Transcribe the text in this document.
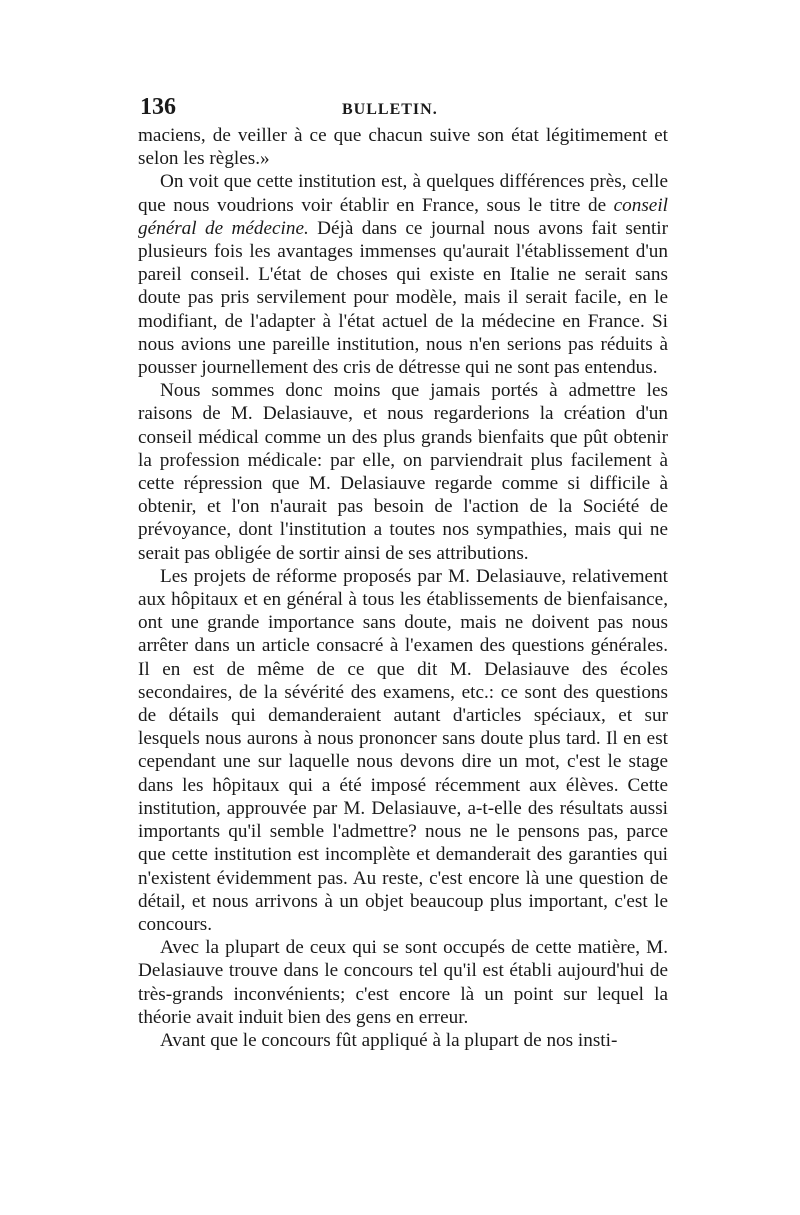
136	BULLETIN.

maciens, de veiller à ce que chacun suive son état légitimement et selon les règles.»

On voit que cette institution est, à quelques différences près, celle que nous voudrions voir établir en France, sous le titre de conseil général de médecine. Déjà dans ce journal nous avons fait sentir plusieurs fois les avantages immenses qu'aurait l'établissement d'un pareil conseil. L'état de choses qui existe en Italie ne serait sans doute pas pris servilement pour modèle, mais il serait facile, en le modifiant, de l'adapter à l'état actuel de la médecine en France. Si nous avions une pareille institution, nous n'en serions pas réduits à pousser journellement des cris de détresse qui ne sont pas entendus.

Nous sommes donc moins que jamais portés à admettre les raisons de M. Delasiauve, et nous regarderions la création d'un conseil médical comme un des plus grands bienfaits que pût obtenir la profession médicale: par elle, on parviendrait plus facilement à cette répression que M. Delasiauve regarde comme si difficile à obtenir, et l'on n'aurait pas besoin de l'action de la Société de prévoyance, dont l'institution a toutes nos sympathies, mais qui ne serait pas obligée de sortir ainsi de ses attributions.

Les projets de réforme proposés par M. Delasiauve, relativement aux hôpitaux et en général à tous les établissements de bienfaisance, ont une grande importance sans doute, mais ne doivent pas nous arrêter dans un article consacré à l'examen des questions générales. Il en est de même de ce que dit M. Delasiauve des écoles secondaires, de la sévérité des examens, etc.: ce sont des questions de détails qui demanderaient autant d'articles spéciaux, et sur lesquels nous aurons à nous prononcer sans doute plus tard. Il en est cependant une sur laquelle nous devons dire un mot, c'est le stage dans les hôpitaux qui a été imposé récemment aux élèves. Cette institution, approuvée par M. Delasiauve, a-t-elle des résultats aussi importants qu'il semble l'admettre? nous ne le pensons pas, parce que cette institution est incomplète et demanderait des garanties qui n'existent évidemment pas. Au reste, c'est encore là une question de détail, et nous arrivons à un objet beaucoup plus important, c'est le concours.

Avec la plupart de ceux qui se sont occupés de cette matière, M. Delasiauve trouve dans le concours tel qu'il est établi aujourd'hui de très-grands inconvénients; c'est encore là un point sur lequel la théorie avait induit bien des gens en erreur.

Avant que le concours fût appliqué à la plupart de nos insti-
